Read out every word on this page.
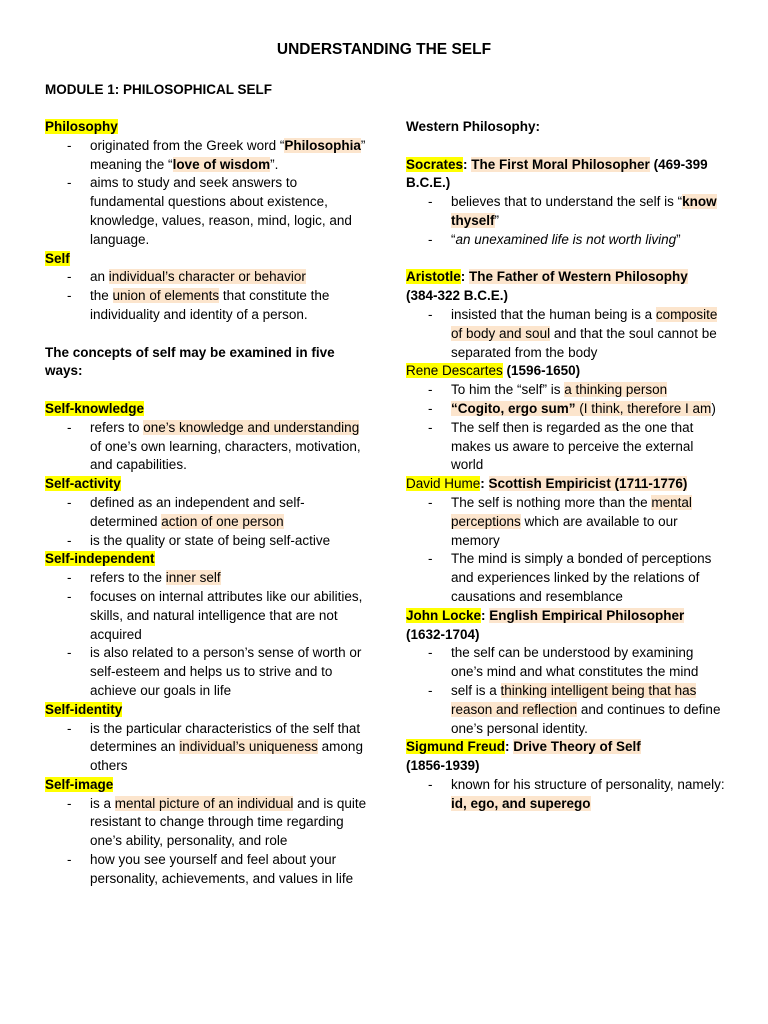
UNDERSTANDING THE SELF
MODULE 1: PHILOSOPHICAL SELF
Philosophy
- originated from the Greek word “Philosophia” meaning the “love of wisdom”.
- aims to study and seek answers to fundamental questions about existence, knowledge, values, reason, mind, logic, and language.
Self
- an individual’s character or behavior
- the union of elements that constitute the individuality and identity of a person.
The concepts of self may be examined in five ways:
Self-knowledge
- refers to one’s knowledge and understanding of one’s own learning, characters, motivation, and capabilities.
Self-activity
- defined as an independent and self-determined action of one person
- is the quality or state of being self-active
Self-independent
- refers to the inner self
- focuses on internal attributes like our abilities, skills, and natural intelligence that are not acquired
- is also related to a person’s sense of worth or self-esteem and helps us to strive and to achieve our goals in life
Self-identity
- is the particular characteristics of the self that determines an individual’s uniqueness among others
Self-image
- is a mental picture of an individual and is quite resistant to change through time regarding one’s ability, personality, and role
- how you see yourself and feel about your personality, achievements, and values in life
Western Philosophy:
Socrates: The First Moral Philosopher (469-399 B.C.E.)
- believes that to understand the self is “know thyself”
- “an unexamined life is not worth living”
Aristotle: The Father of Western Philosophy
(384-322 B.C.E.)
- insisted that the human being is a composite of body and soul and that the soul cannot be separated from the body
Rene Descartes (1596-1650)
- To him the “self” is a thinking person
- “Cogito, ergo sum” (I think, therefore I am)
- The self then is regarded as the one that makes us aware to perceive the external world
David Hume: Scottish Empiricist (1711-1776)
- The self is nothing more than the mental perceptions which are available to our memory
- The mind is simply a bonded of perceptions and experiences linked by the relations of causations and resemblance
John Locke: English Empirical Philosopher
(1632-1704)
- the self can be understood by examining one’s mind and what constitutes the mind
- self is a thinking intelligent being that has reason and reflection and continues to define one’s personal identity.
Sigmund Freud: Drive Theory of Self
(1856-1939)
- known for his structure of personality, namely: id, ego, and superego
